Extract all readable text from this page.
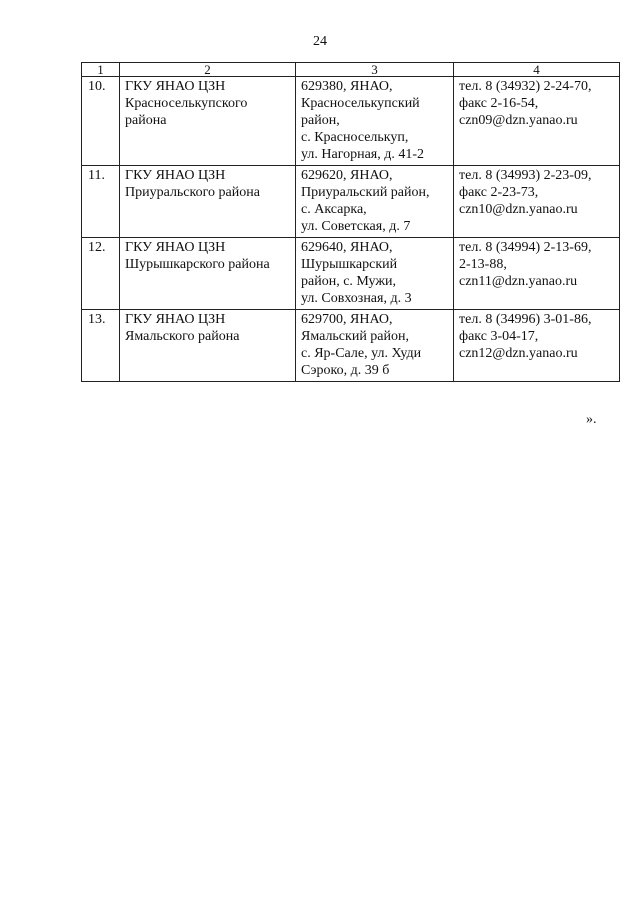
24
1	2	3	4
10.	ГКУ ЯНАО ЦЗН
Красноселькупского
района	629380, ЯНАО,
Красноселькупский
район,
с. Красноселькуп,
ул. Нагорная, д. 41-2	тел. 8 (34932) 2-24-70,
факс 2-16-54,
czn09@dzn.yanao.ru

11.	ГКУ ЯНАО ЦЗН
Приуральского района	629620, ЯНАО,
Приуральский район,
с. Аксарка,
ул. Советская, д. 7	тел. 8 (34993) 2-23-09,
факс 2-23-73,
czn10@dzn.yanao.ru

12.	ГКУ ЯНАО ЦЗН
Шурышкарского района	629640, ЯНАО,
Шурышкарский
район, с. Мужи,
ул. Совхозная, д. 3	тел. 8 (34994) 2-13-69,
2-13-88,
czn11@dzn.yanao.ru

13.	ГКУ ЯНАО ЦЗН
Ямальского района	629700, ЯНАО,
Ямальский район,
с. Яр-Сале, ул. Худи
Сэроко, д. 39 б	тел. 8 (34996) 3-01-86,
факс 3-04-17,
czn12@dzn.yanao.ru
».
